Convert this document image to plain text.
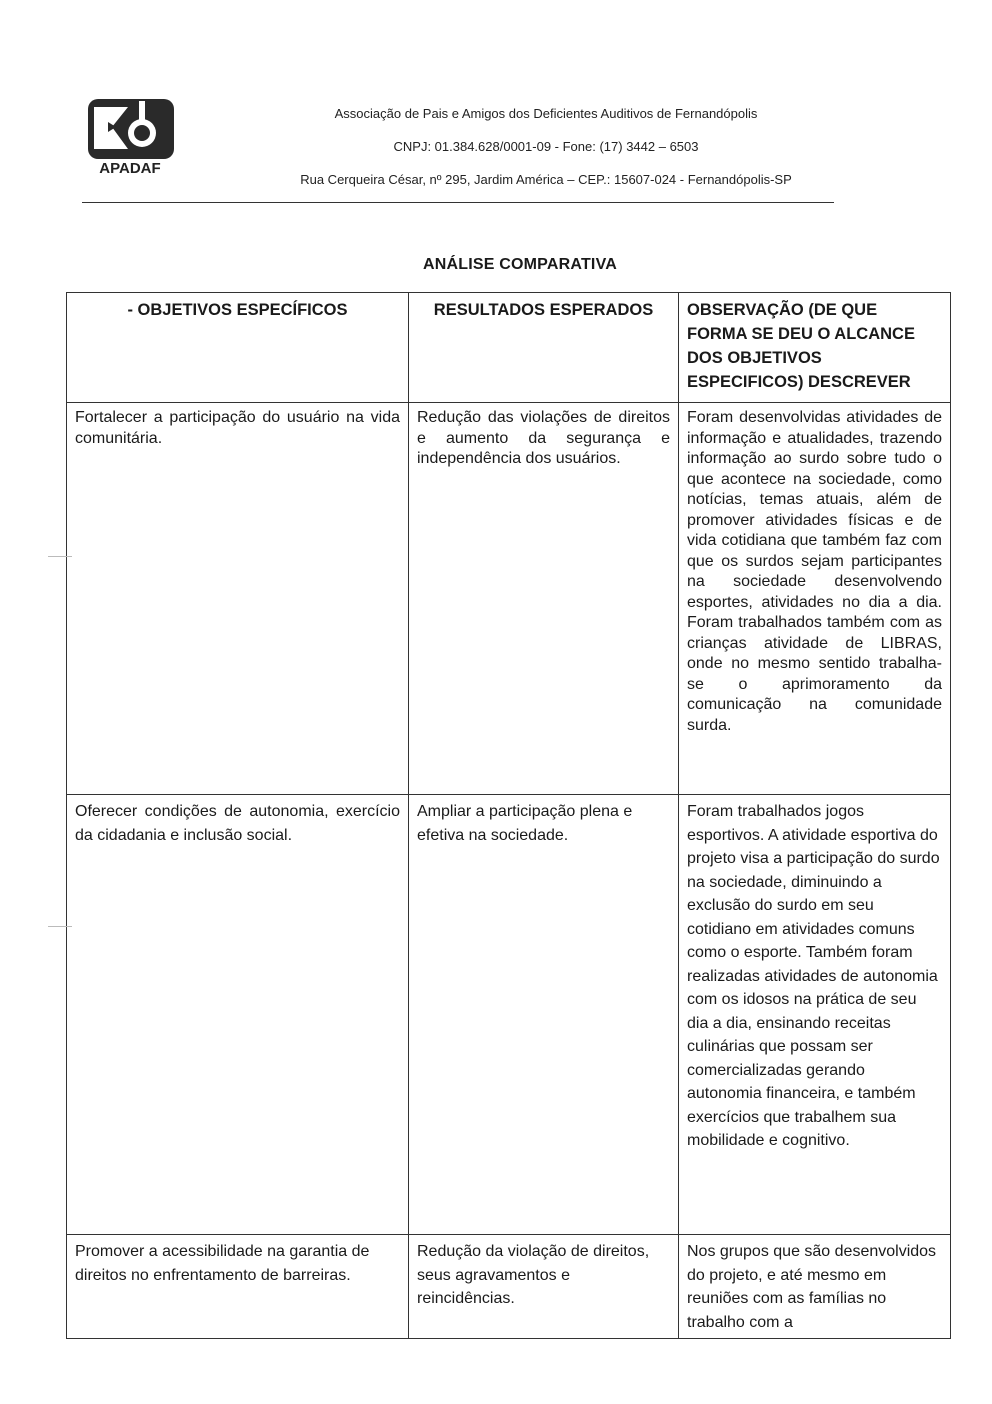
APADAF
Associação de Pais e Amigos dos Deficientes Auditivos de Fernandópolis
CNPJ: 01.384.628/0001-09 - Fone: (17) 3442 – 6503
Rua Cerqueira César, nº 295, Jardim América – CEP.: 15607-024 - Fernandópolis-SP
ANÁLISE COMPARATIVA
- OBJETIVOS ESPECÍFICOS	RESULTADOS ESPERADOS	OBSERVAÇÃO (DE QUE FORMA SE DEU O ALCANCE DOS OBJETIVOS ESPECIFICOS) DESCREVER
Fortalecer a participação do usuário na vida comunitária.	Redução das violações de direitos e aumento da segurança e independência dos usuários.	Foram desenvolvidas atividades de informação e atualidades, trazendo informação ao surdo sobre tudo o que acontece na sociedade, como notícias, temas atuais, além de promover atividades físicas e de vida cotidiana que também faz com que os surdos sejam participantes na sociedade desenvolvendo esportes, atividades no dia a dia. Foram trabalhados também com as crianças atividade de LIBRAS, onde no mesmo sentido trabalha-se o aprimoramento da comunicação na comunidade surda.
Oferecer condições de autonomia, exercício da cidadania e inclusão social.	Ampliar a participação plena e efetiva na sociedade.	Foram trabalhados jogos esportivos. A atividade esportiva do projeto visa a participação do surdo na sociedade, diminuindo a exclusão do surdo em seu cotidiano em atividades comuns como o esporte. Também foram realizadas atividades de autonomia com os idosos na prática de seu dia a dia, ensinando receitas culinárias que possam ser comercializadas gerando autonomia financeira, e também exercícios que trabalhem sua mobilidade e cognitivo.
Promover a acessibilidade na garantia de direitos no enfrentamento de barreiras.	Redução da violação de direitos, seus agravamentos e reincidências.	Nos grupos que são desenvolvidos do projeto, e até mesmo em reuniões com as famílias no trabalho com a
